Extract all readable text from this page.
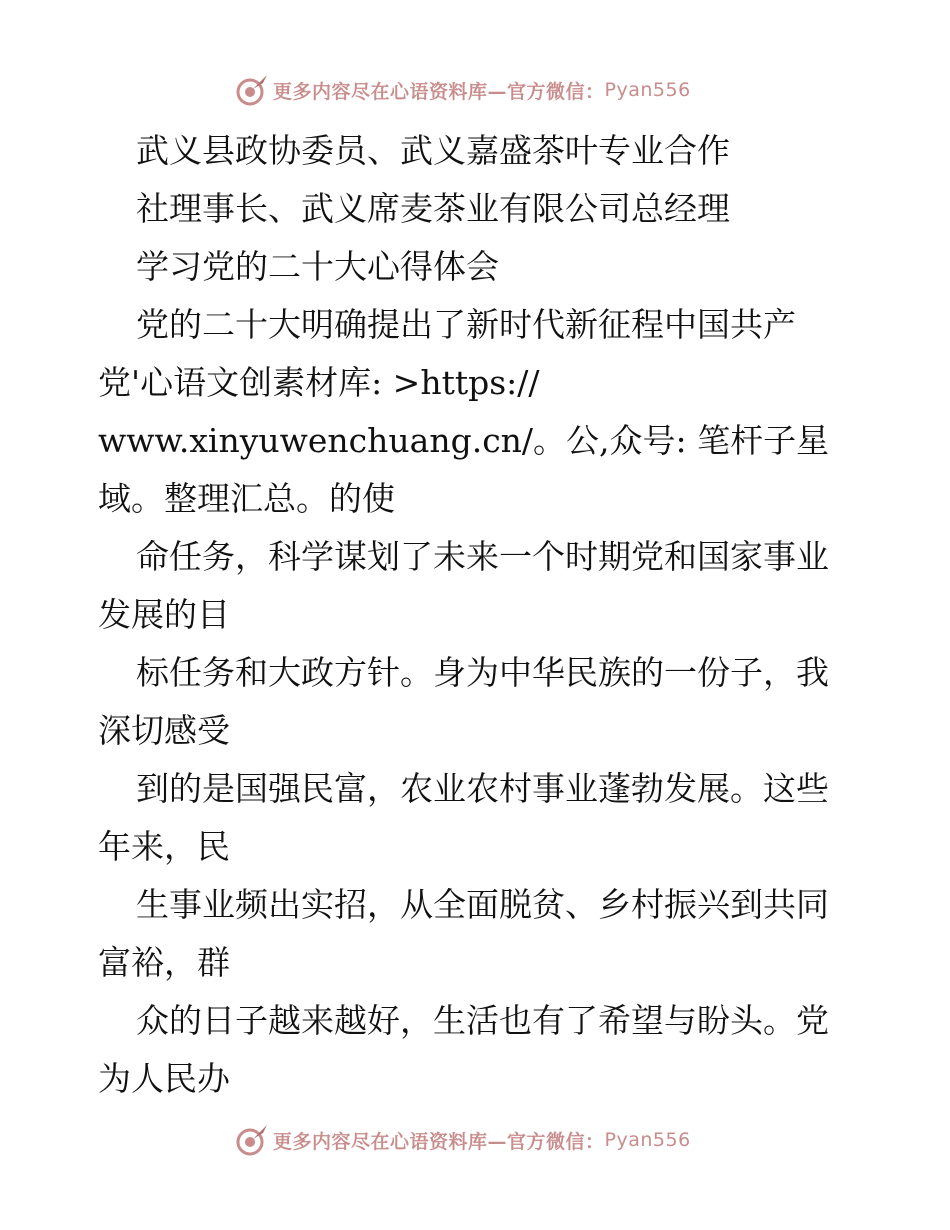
更多内容尽在心语资料库—官方微信： Pyan556
武义县政协委员、武义嘉盛茶叶专业合作
社理事长、武义席麦茶业有限公司总经理
学习党的二十大心得体会
党的二十大明确提出了新时代新征程中国共产
党'心语文创素材库: >https://
www.xinyuwenchuang.cn/。公,众号: 笔杆子星
域。整理汇总。的使
命任务，科学谋划了未来一个时期党和国家事业
发展的目
标任务和大政方针。身为中华民族的一份子，我
深切感受
到的是国强民富，农业农村事业蓬勃发展。这些
年来，民
生事业频出实招，从全面脱贫、乡村振兴到共同
富裕，群
众的日子越来越好，生活也有了希望与盼头。党
为人民办
更多内容尽在心语资料库—官方微信： Pyan556
